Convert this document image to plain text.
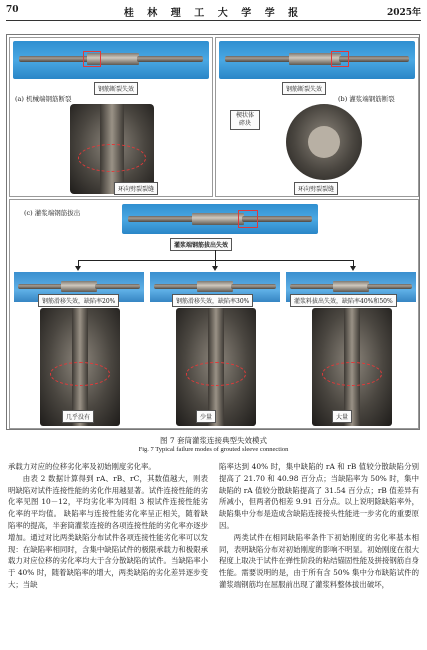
70	桂 林 理 工 大 学 学 报	2025年
钢筋断裂失效
(a) 机械端钢筋断裂
环向劈裂裂缝
钢筋断裂失效
(b) 灌浆端钢筋断裂
楔状体碎块
环向劈裂裂缝
(c) 灌浆端钢筋拔出
灌浆端钢筋拔出失效
钢筋滑移失效，缺陷率20%	钢筋滑移失效，缺陷率30%	灌浆料拔出失效，缺陷率40%和50%
几乎没有	少量	大量
图 7 套筒灌浆连接典型失效模式
Fig. 7 Typical failure modes of grouted sleeve connection

承载力对应的位移劣化率及初始刚度劣化率。

由表 2 数据计算得到 rA、rB、rC，其数值越大，则表明缺陷对试件连接性能的劣化作用越显著。试件连接性能的劣化率见图 10－12，平均劣化率为同组 3 根试件连接性能劣化率的平均值。 缺陷率与连接性能劣化率呈正相关，随着缺陷率的提高，半套筒灌浆连接的各项连接性能的劣化率亦逐步增加。通过对比两类缺陷分布试件各项连接性能劣化率可以发现：在缺陷率相同时，含集中缺陷试件的极限承载力和极限承载力对应位移的劣化率均大于含分散缺陷的试件。当缺陷率小于 40% 时，随着缺陷率的增大，两类缺陷的劣化差异逐步变大；当缺

陷率达到 40% 时，集中缺陷的 rA 和 rB 值较分散缺陷分别提高了 21.70 和 40.98 百分点；当缺陷率为 50% 时，集中缺陷的 rA 值较分散缺陷提高了 31.54 百分点；rB 值差异有所减小，但两者仍相差 9.91 百分点。以上说明除缺陷率外，缺陷集中分布是造成含缺陷连接接头性能进一步劣化的重要原因。

两类试件在相同缺陷率条件下初始刚度的劣化率基本相同，表明缺陷分布对初始刚度的影响不明显。初始刚度在很大程度上取决于试件在弹性阶段的粘结锚固性能及拼接钢筋自身性能。需要说明的是，由于所有含 50% 集中分布缺陷试件的灌浆端钢筋均在屈服前出现了灌浆料整体拔出破坏，
